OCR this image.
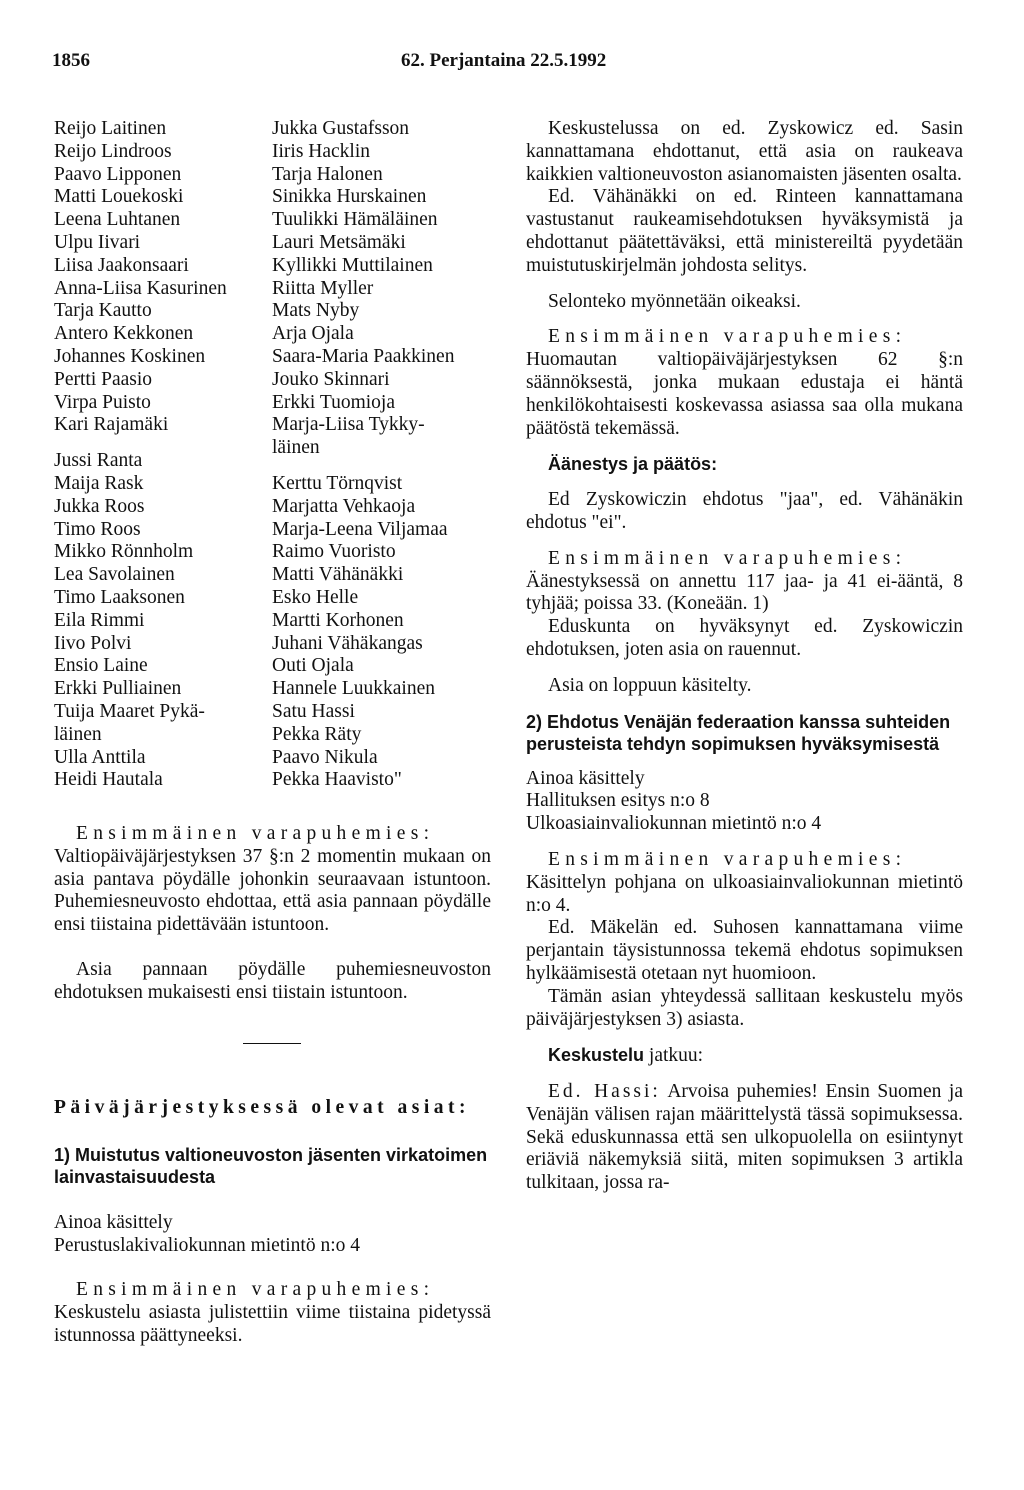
1856	62. Perjantaina 22.5.1992
Reijo Laitinen
Reijo Lindroos
Paavo Lipponen
Matti Louekoski
Leena Luhtanen
Ulpu Iivari
Liisa Jaakonsaari
Anna-Liisa Kasurinen
Tarja Kautto
Antero Kekkonen
Johannes Koskinen
Pertti Paasio
Virpa Puisto
Kari Rajamäki
Jussi Ranta
Maija Rask
Jukka Roos
Timo Roos
Mikko Rönnholm
Lea Savolainen
Timo Laaksonen
Eila Rimmi
Iivo Polvi
Ensio Laine
Erkki Pulliainen
Tuija Maaret Pykä-
läinen
Ulla Anttila
Heidi Hautala
Jukka Gustafsson
Iiris Hacklin
Tarja Halonen
Sinikka Hurskainen
Tuulikki Hämäläinen
Lauri Metsämäki
Kyllikki Muttilainen
Riitta Myller
Mats Nyby
Arja Ojala
Saara-Maria Paakkinen
Jouko Skinnari
Erkki Tuomioja
Marja-Liisa Tykky-
läinen
Kerttu Törnqvist
Marjatta Vehkaoja
Marja-Leena Viljamaa
Raimo Vuoristo
Matti Vähänäkki
Esko Helle
Martti Korhonen
Juhani Vähäkangas
Outi Ojala
Hannele Luukkainen
Satu Hassi
Pekka Räty
Paavo Nikula
Pekka Haavisto"

Ensimmäinen varapuhemies:

Valtiopäiväjärjestyksen 37 §:n 2 momentin mukaan on asia pantava pöydälle johonkin seuraavaan istuntoon. Puhemiesneuvosto ehdottaa, että asia pannaan pöydälle ensi tiistaina pidettävään istuntoon.

Asia pannaan pöydälle puhemiesneuvoston ehdotuksen mukaisesti ensi tiistain istuntoon.

Päiväjärjestyksessä olevat asiat:

1) Muistutus valtioneuvoston jäsenten virkatoimen lainvastaisuudesta

Ainoa käsittely

Perustuslakivaliokunnan mietintö n:o 4

Ensimmäinen varapuhemies:

Keskustelu asiasta julistettiin viime tiistaina pidetyssä istunnossa päättyneeksi.

Keskustelussa on ed. Zyskowicz ed. Sasin kannattamana ehdottanut, että asia on raukeava kaikkien valtioneuvoston asianomaisten jäsenten osalta.

Ed. Vähänäkki on ed. Rinteen kannattamana vastustanut raukeamisehdotuksen hyväksymistä ja ehdottanut päätettäväksi, että ministereiltä pyydetään muistutuskirjelmän johdosta selitys.

Selonteko myönnetään oikeaksi.

Ensimmäinen varapuhemies:

Huomautan valtiopäiväjärjestyksen 62 §:n säännöksestä, jonka mukaan edustaja ei häntä henkilökohtaisesti koskevassa asiassa saa olla mukana päätöstä tekemässä.

Äänestys ja päätös:

Ed Zyskowiczin ehdotus "jaa", ed. Vähänäkin ehdotus "ei".

Ensimmäinen varapuhemies:

Äänestyksessä on annettu 117 jaa- ja 41 ei-ääntä, 8 tyhjää; poissa 33. (Koneään. 1)

Eduskunta on hyväksynyt ed. Zyskowiczin ehdotuksen, joten asia on rauennut.

Asia on loppuun käsitelty.

2) Ehdotus Venäjän federaation kanssa suhteiden perusteista tehdyn sopimuksen hyväksymisestä

Ainoa käsittely

Hallituksen esitys n:o 8

Ulkoasiainvaliokunnan mietintö n:o 4

Ensimmäinen varapuhemies:

Käsittelyn pohjana on ulkoasiainvaliokunnan mietintö n:o 4.

Ed. Mäkelän ed. Suhosen kannattamana viime perjantain täysistunnossa tekemä ehdotus sopimuksen hylkäämisestä otetaan nyt huomioon.

Tämän asian yhteydessä sallitaan keskustelu myös päiväjärjestyksen 3) asiasta.

Keskustelu jatkuu:

Ed. Hassi: Arvoisa puhemies! Ensin Suomen ja Venäjän välisen rajan määrittelystä tässä sopimuksessa. Sekä eduskunnassa että sen ulkopuolella on esiintynyt eriäviä näkemyksiä siitä, miten sopimuksen 3 artikla tulkitaan, jossa ra-
